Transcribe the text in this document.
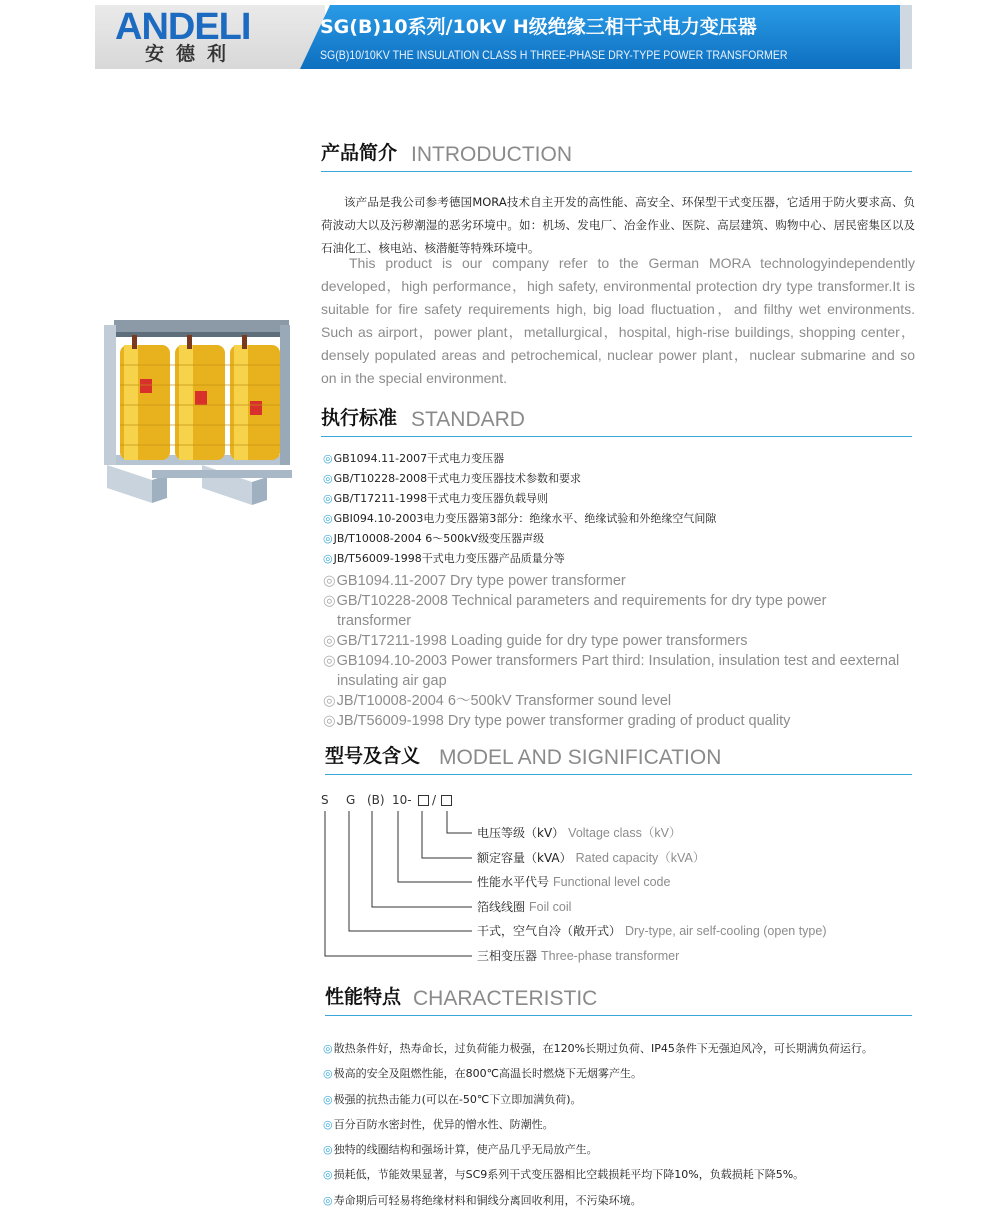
ANDELI
安德利
SG(B)10系列/10kV H级绝缘三相干式电力变压器
SG(B)10/10KV THE INSULATION CLASS H THREE-PHASE DRY-TYPE POWER TRANSFORMER
产品简介 INTRODUCTION
该产品是我公司参考德国MORA技术自主开发的高性能、高安全、环保型干式变压器，它适用于防火要求高、负荷波动大以及污秽潮湿的恶劣环境中。如：机场、发电厂、冶金作业、医院、高层建筑、购物中心、居民密集区以及石油化工、核电站、核潜艇等特殊环境中。
This product is our company refer to the German MORA technologyindependently developed，high performance，high safety, environmental protection dry type transformer.It is suitable for fire safety requirements high, big load fluctuation，and filthy wet environments. Such as airport，power plant，metallurgical，hospital, high-rise buildings, shopping center，densely populated areas and petrochemical, nuclear power plant，nuclear submarine and so on in the special environment.
执行标准 STANDARD
◎GB1094.11-2007干式电力变压器
◎GB/T10228-2008干式电力变压器技术参数和要求
◎GB/T17211-1998干式电力变压器负载导则
◎GBI094.10-2003电力变压器第3部分：绝缘水平、绝缘试验和外绝缘空气间隙
◎JB/T10008-2004 6～500kV级变压器声级
◎JB/T56009-1998干式电力变压器产品质量分等
◎GB1094.11-2007 Dry type power transformer
◎GB/T10228-2008 Technical parameters and requirements for dry type power transformer
◎GB/T17211-1998 Loading guide for dry type power transformers
◎GB1094.10-2003 Power transformers Part third: Insulation, insulation test and eexternal insulating air gap
◎JB/T10008-2004 6～500kV Transformer sound level
◎JB/T56009-1998 Dry type power transformer grading of product quality
型号及含义 MODEL AND SIGNIFICATION
S G (B) 10- /
电压等级（kV） Voltage class（kV）
额定容量（kVA） Rated capacity（kVA）
性能水平代号 Functional level code
箔线线圈 Foil coil
干式，空气自冷（敞开式） Dry-type, air self-cooling (open type)
三相变压器 Three-phase transformer
性能特点 CHARACTERISTIC
◎散热条件好，热寿命长，过负荷能力极强，在120%长期过负荷、IP45条件下无强迫风冷，可长期满负荷运行。
◎极高的安全及阻燃性能，在800℃高温长时燃烧下无烟雾产生。
◎极强的抗热击能力(可以在-50℃下立即加满负荷)。
◎百分百防水密封性，优异的憎水性、防潮性。
◎独特的线圈结构和强场计算，使产品几乎无局放产生。
◎损耗低，节能效果显著，与SC9系列干式变压器相比空载损耗平均下降10%，负载损耗下降5%。
◎寿命期后可轻易将绝缘材料和铜线分离回收利用，不污染环境。
